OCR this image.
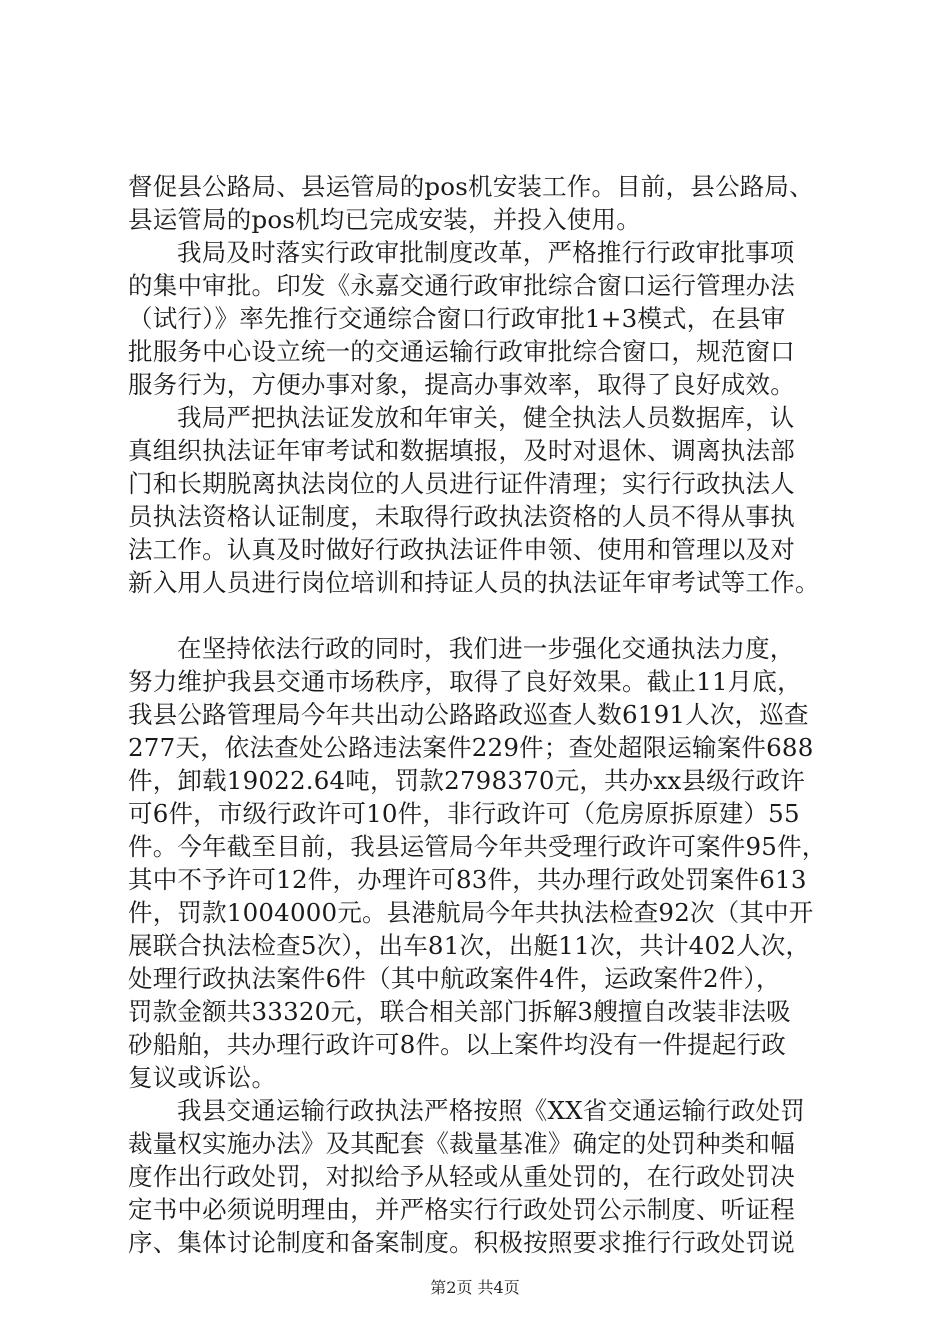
督促县公路局、县运管局的pos机安装工作。目前，县公路局、
县运管局的pos机均已完成安装，并投入使用。
我局及时落实行政审批制度改革，严格推行行政审批事项
的集中审批。印发《永嘉交通行政审批综合窗口运行管理办法
（试行）》率先推行交通综合窗口行政审批1+3模式，在县审
批服务中心设立统一的交通运输行政审批综合窗口，规范窗口
服务行为，方便办事对象，提高办事效率，取得了良好成效。
我局严把执法证发放和年审关，健全执法人员数据库，认
真组织执法证年审考试和数据填报，及时对退休、调离执法部
门和长期脱离执法岗位的人员进行证件清理；实行行政执法人
员执法资格认证制度，未取得行政执法资格的人员不得从事执
法工作。认真及时做好行政执法证件申领、使用和管理以及对
新入用人员进行岗位培训和持证人员的执法证年审考试等工作。
在坚持依法行政的同时，我们进一步强化交通执法力度，
努力维护我县交通市场秩序，取得了良好效果。截止11月底，
我县公路管理局今年共出动公路路政巡查人数6191人次，巡查
277天，依法查处公路违法案件229件；查处超限运输案件688
件，卸载19022.64吨，罚款2798370元，共办xx县级行政许
可6件，市级行政许可10件，非行政许可（危房原拆原建）55
件。今年截至目前，我县运管局今年共受理行政许可案件95件，
其中不予许可12件，办理许可83件，共办理行政处罚案件613
件，罚款1004000元。县港航局今年共执法检查92次（其中开
展联合执法检查5次），出车81次，出艇11次，共计402人次，
处理行政执法案件6件（其中航政案件4件，运政案件2件），
罚款金额共33320元，联合相关部门拆解3艘擅自改装非法吸
砂船舶，共办理行政许可8件。以上案件均没有一件提起行政
复议或诉讼。
我县交通运输行政执法严格按照《XX省交通运输行政处罚
裁量权实施办法》及其配套《裁量基准》确定的处罚种类和幅
度作出行政处罚，对拟给予从轻或从重处罚的，在行政处罚决
定书中必须说明理由，并严格实行行政处罚公示制度、听证程
序、集体讨论制度和备案制度。积极按照要求推行行政处罚说
第2页 共4页
